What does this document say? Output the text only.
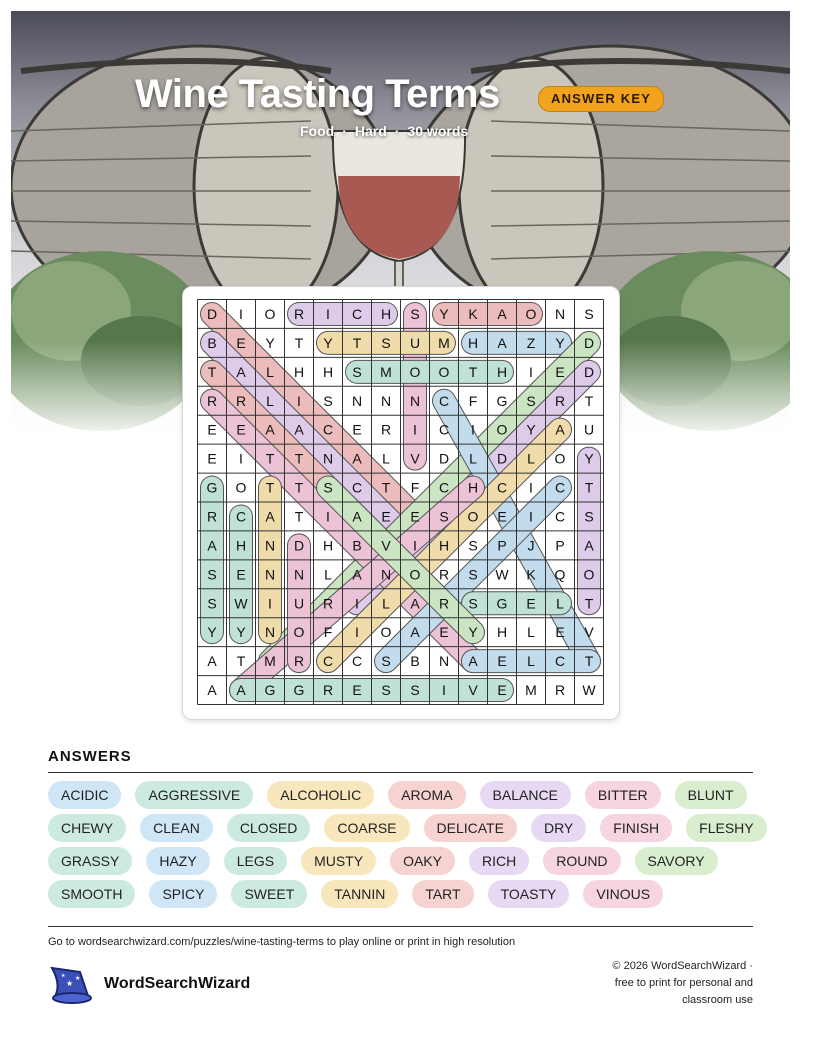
Wine Tasting Terms	ANSWER KEY
Food · Hard · 30 words
D I O R I C H S Y K A O N S
B E Y T Y T S U M H A Z Y D
T A L H H S M O O T H I E D
R R L I S N N N C F G S R T
E E A A C E R I C I O Y A U
E I T T N A L V D L D L O Y
G O T T S C T F C H C I C T
R C A T I A E E S O E I C S
A H N D H B V I H S P J P A
S E N N L A N O R S W K Q O
S W I U R I L A R S G E L T
Y Y N O F I O A E Y H L E V
A T M R C C S B N A E L C T
A A G G R E S S I V E M R W
ANSWERS
ACIDIC	AGGRESSIVE	ALCOHOLIC	AROMA	BALANCE	BITTER	BLUNT
CHEWY	CLEAN	CLOSED	COARSE	DELICATE	DRY	FINISH	FLESHY
GRASSY	HAZY	LEGS	MUSTY	OAKY	RICH	ROUND	SAVORY
SMOOTH	SPICY	SWEET	TANNIN	TART	TOASTY	VINOUS
Go to wordsearchwizard.com/puzzles/wine-tasting-terms to play online or print in high resolution
★
★
★ WordSearchWizard
© 2026 WordSearchWizard ·
free to print for personal and
classroom use
